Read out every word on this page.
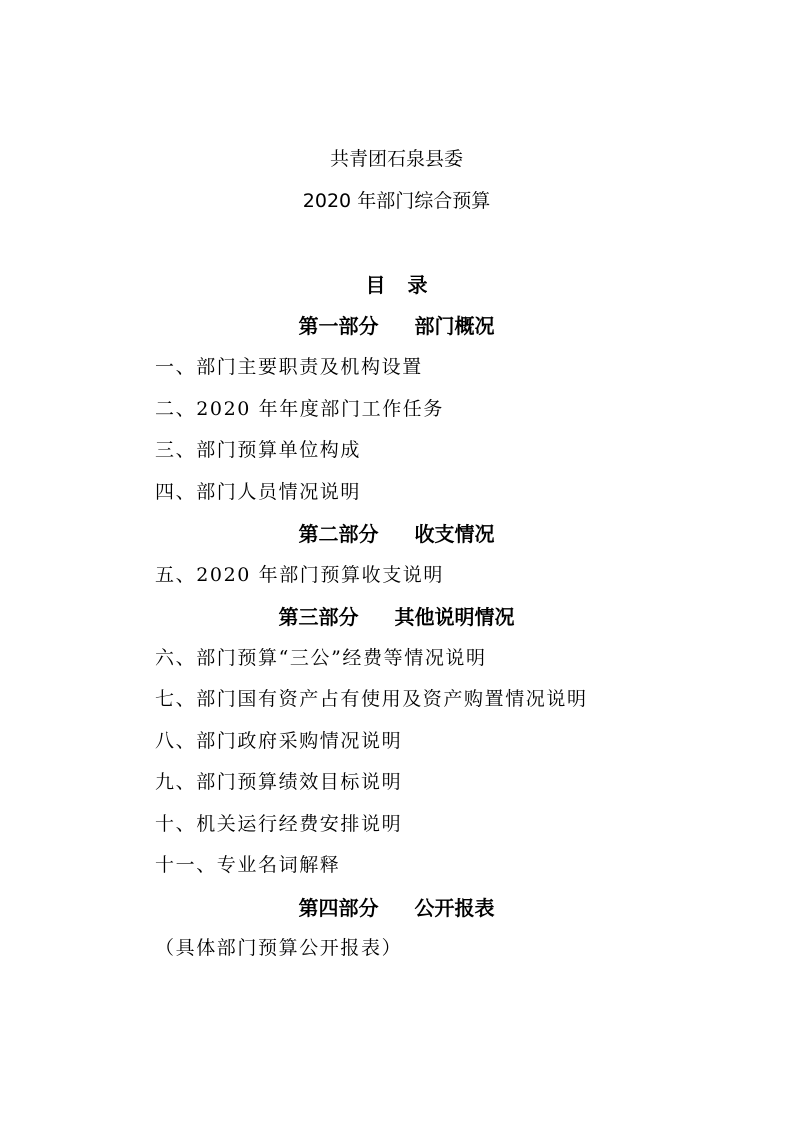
共青团石泉县委
2020 年部门综合预算
目 录
第一部分 部门概况
一、部门主要职责及机构设置
二、2020 年年度部门工作任务
三、部门预算单位构成
四、部门人员情况说明
第二部分 收支情况
五、2020 年部门预算收支说明
第三部分 其他说明情况
六、部门预算“三公”经费等情况说明
七、部门国有资产占有使用及资产购置情况说明
八、部门政府采购情况说明
九、部门预算绩效目标说明
十、机关运行经费安排说明
十一、专业名词解释
第四部分 公开报表
（具体部门预算公开报表）
